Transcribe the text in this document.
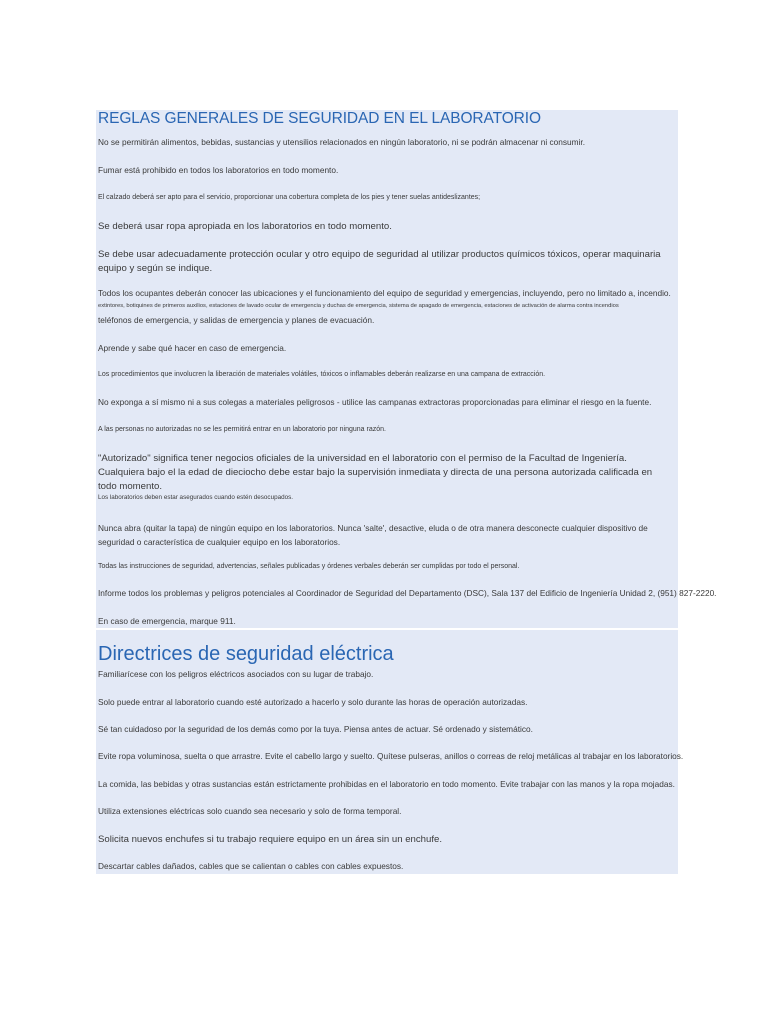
REGLAS GENERALES DE SEGURIDAD EN EL LABORATORIO

No se permitirán alimentos, bebidas, sustancias y utensilios relacionados en ningún laboratorio, ni se podrán almacenar ni consumir.

Fumar está prohibido en todos los laboratorios en todo momento.

El calzado deberá ser apto para el servicio, proporcionar una cobertura completa de los pies y tener suelas antideslizantes;

Se deberá usar ropa apropiada en los laboratorios en todo momento.

Se debe usar adecuadamente protección ocular y otro equipo de seguridad al utilizar productos químicos tóxicos, operar maquinaria equipo y según se indique.

Todos los ocupantes deberán conocer las ubicaciones y el funcionamiento del equipo de seguridad y emergencias, incluyendo, pero no limitado a, incendio.

extintores, botiquines de primeros auxilios, estaciones de lavado ocular de emergencia y duchas de emergencia, sistema de apagado de emergencia, estaciones de activación de alarma contra incendios

teléfonos de emergencia, y salidas de emergencia y planes de evacuación.

Aprende y sabe qué hacer en caso de emergencia.

Los procedimientos que involucren la liberación de materiales volátiles, tóxicos o inflamables deberán realizarse en una campana de extracción.

No exponga a sí mismo ni a sus colegas a materiales peligrosos - utilice las campanas extractoras proporcionadas para eliminar el riesgo en la fuente.

A las personas no autorizadas no se les permitirá entrar en un laboratorio por ninguna razón.

"Autorizado" significa tener negocios oficiales de la universidad en el laboratorio con el permiso de la Facultad de Ingeniería. Cualquiera bajo el la edad de dieciocho debe estar bajo la supervisión inmediata y directa de una persona autorizada calificada en todo momento.

Los laboratorios deben estar asegurados cuando estén desocupados.

Nunca abra (quitar la tapa) de ningún equipo en los laboratorios. Nunca 'salte', desactive, eluda o de otra manera desconecte cualquier dispositivo de seguridad o característica de cualquier equipo en los laboratorios.

Todas las instrucciones de seguridad, advertencias, señales publicadas y órdenes verbales deberán ser cumplidas por todo el personal.

Informe todos los problemas y peligros potenciales al Coordinador de Seguridad del Departamento (DSC), Sala 137 del Edificio de Ingeniería Unidad 2, (951) 827-2220.

En caso de emergencia, marque 911.

Directrices de seguridad eléctrica

Familiarícese con los peligros eléctricos asociados con su lugar de trabajo.

Solo puede entrar al laboratorio cuando esté autorizado a hacerlo y solo durante las horas de operación autorizadas.

Sé tan cuidadoso por la seguridad de los demás como por la tuya. Piensa antes de actuar. Sé ordenado y sistemático.

Evite ropa voluminosa, suelta o que arrastre. Evite el cabello largo y suelto. Quítese pulseras, anillos o correas de reloj metálicas al trabajar en los laboratorios.

La comida, las bebidas y otras sustancias están estrictamente prohibidas en el laboratorio en todo momento. Evite trabajar con las manos y la ropa mojadas.

Utiliza extensiones eléctricas solo cuando sea necesario y solo de forma temporal.

Solicita nuevos enchufes si tu trabajo requiere equipo en un área sin un enchufe.

Descartar cables dañados, cables que se calientan o cables con cables expuestos.
